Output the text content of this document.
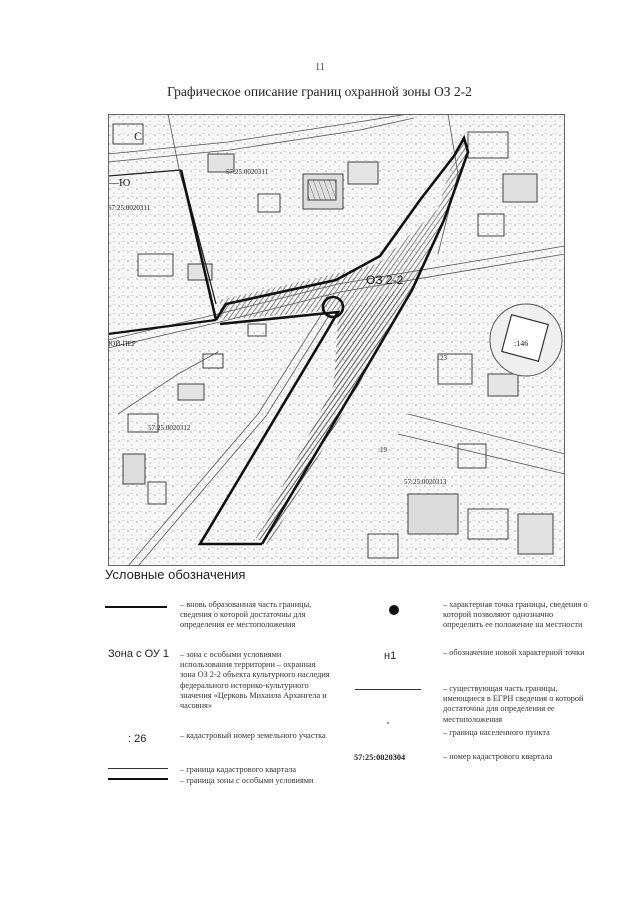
11
Графическое описание границ охранной зоны ОЗ 2-2
ОЗ 2-2
С
—Ю
ЮЙ-ПЕР
57:25:0020311
57:25:0020311
57:25:0020312
57:25:0020313
:146
:23
:19
Условные обозначения
– вновь образованная часть границы, сведения о которой достаточны для определения ее местоположения
Зона с ОУ 1 – зона с особыми условиями использования территории – охранная зона ОЗ 2-2 объекта культурного наследия федерального историко-культурного значения «Церковь Михаила Архангела и часовня»
: 26	– кадастровый номер земельного участка
– граница кадастрового квартала
– граница зоны с особыми условиями
– характерная точка границы, сведения о которой позволяют однозначно определить ее положение на местности
н1	– обозначение новой характерной точки
– существующая часть границы, имеющиеся в ЕГРН сведения о которой достаточны для определения ее местоположения
– граница населенного пункта
57:25:0020304	– номер кадастрового квартала
